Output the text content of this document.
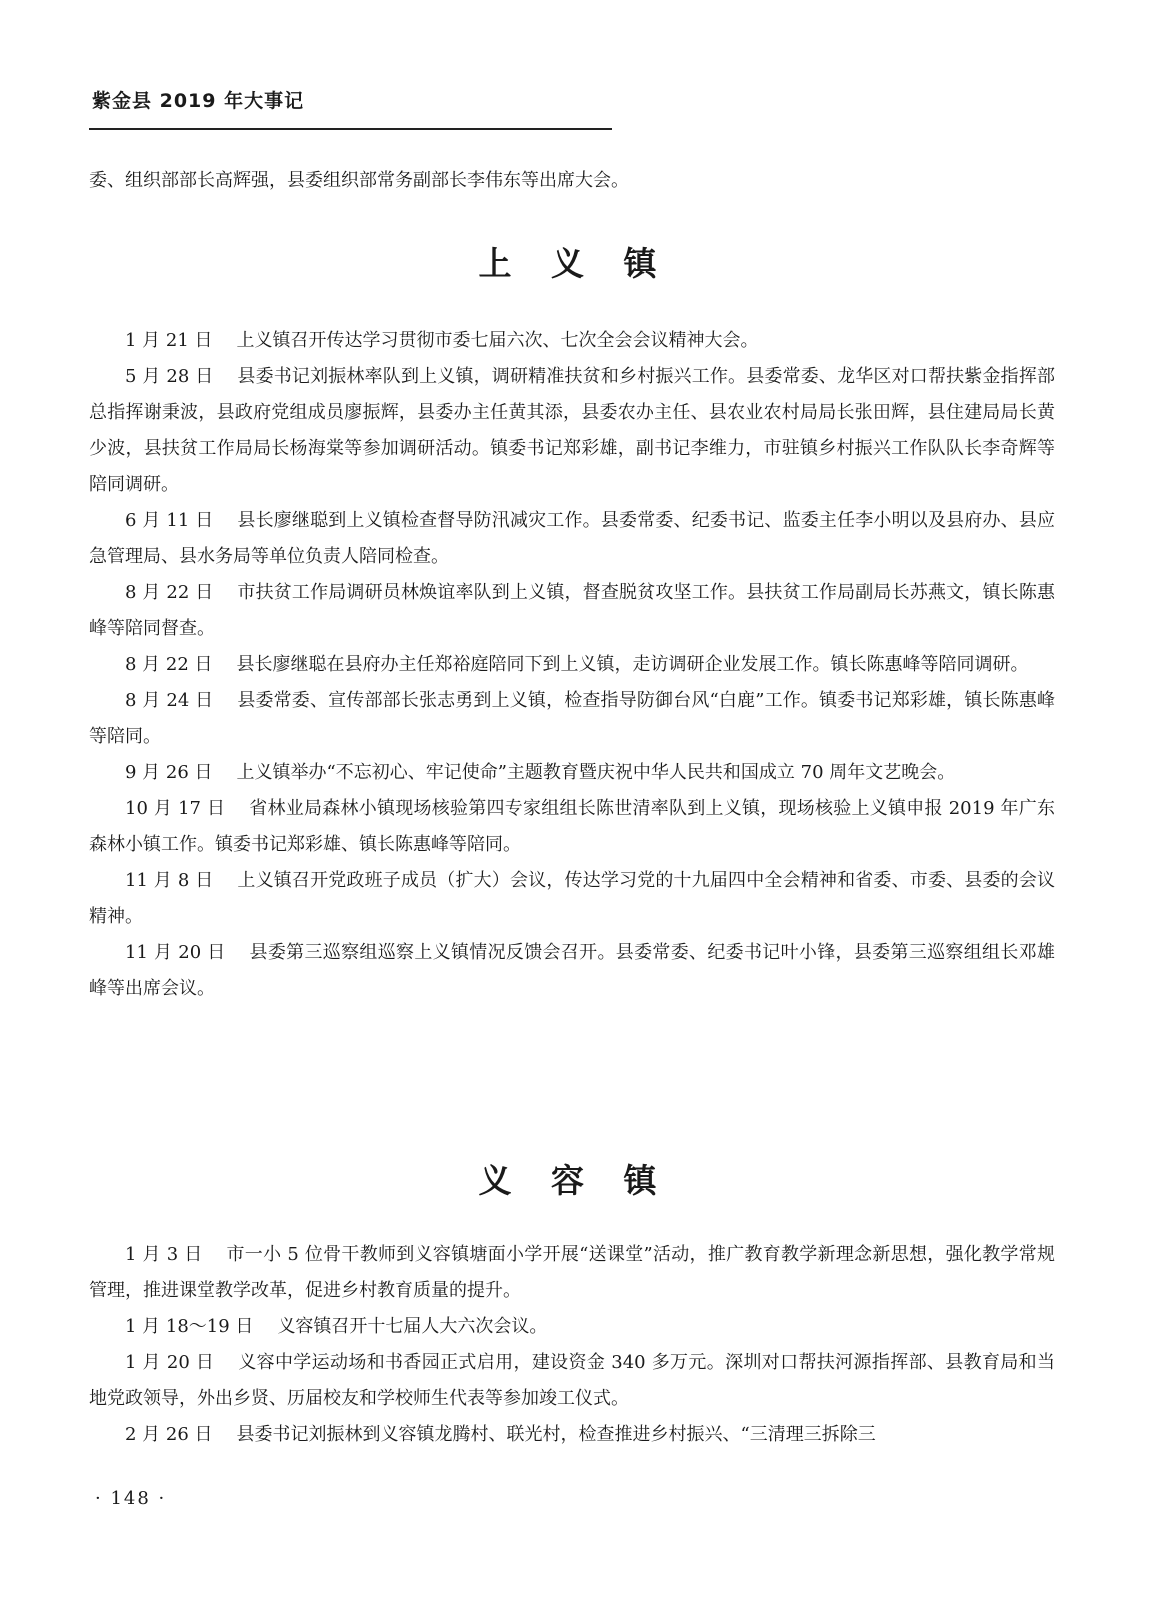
紫金县 2019 年大事记
委、组织部部长高辉强，县委组织部常务副部长李伟东等出席大会。
上 义 镇

1 月 21 日 上义镇召开传达学习贯彻市委七届六次、七次全会会议精神大会。

5 月 28 日 县委书记刘振林率队到上义镇，调研精准扶贫和乡村振兴工作。县委常委、龙华区对口帮扶紫金指挥部总指挥谢秉波，县政府党组成员廖振辉，县委办主任黄其添，县委农办主任、县农业农村局局长张田辉，县住建局局长黄少波，县扶贫工作局局长杨海棠等参加调研活动。镇委书记郑彩雄，副书记李维力，市驻镇乡村振兴工作队队长李奇辉等陪同调研。

6 月 11 日 县长廖继聪到上义镇检查督导防汛减灾工作。县委常委、纪委书记、监委主任李小明以及县府办、县应急管理局、县水务局等单位负责人陪同检查。

8 月 22 日 市扶贫工作局调研员林焕谊率队到上义镇，督查脱贫攻坚工作。县扶贫工作局副局长苏燕文，镇长陈惠峰等陪同督查。

8 月 22 日 县长廖继聪在县府办主任郑裕庭陪同下到上义镇，走访调研企业发展工作。镇长陈惠峰等陪同调研。

8 月 24 日 县委常委、宣传部部长张志勇到上义镇，检查指导防御台风“白鹿”工作。镇委书记郑彩雄，镇长陈惠峰等陪同。

9 月 26 日 上义镇举办“不忘初心、牢记使命”主题教育暨庆祝中华人民共和国成立 70 周年文艺晚会。

10 月 17 日 省林业局森林小镇现场核验第四专家组组长陈世清率队到上义镇，现场核验上义镇申报 2019 年广东森林小镇工作。镇委书记郑彩雄、镇长陈惠峰等陪同。

11 月 8 日 上义镇召开党政班子成员（扩大）会议，传达学习党的十九届四中全会精神和省委、市委、县委的会议精神。

11 月 20 日 县委第三巡察组巡察上义镇情况反馈会召开。县委常委、纪委书记叶小锋，县委第三巡察组组长邓雄峰等出席会议。

义 容 镇

1 月 3 日 市一小 5 位骨干教师到义容镇塘面小学开展“送课堂”活动，推广教育教学新理念新思想，强化教学常规管理，推进课堂教学改革，促进乡村教育质量的提升。

1 月 18～19 日 义容镇召开十七届人大六次会议。

1 月 20 日 义容中学运动场和书香园正式启用，建设资金 340 多万元。深圳对口帮扶河源指挥部、县教育局和当地党政领导，外出乡贤、历届校友和学校师生代表等参加竣工仪式。

2 月 26 日 县委书记刘振林到义容镇龙腾村、联光村，检查推进乡村振兴、“三清理三拆除三

· 148 ·
